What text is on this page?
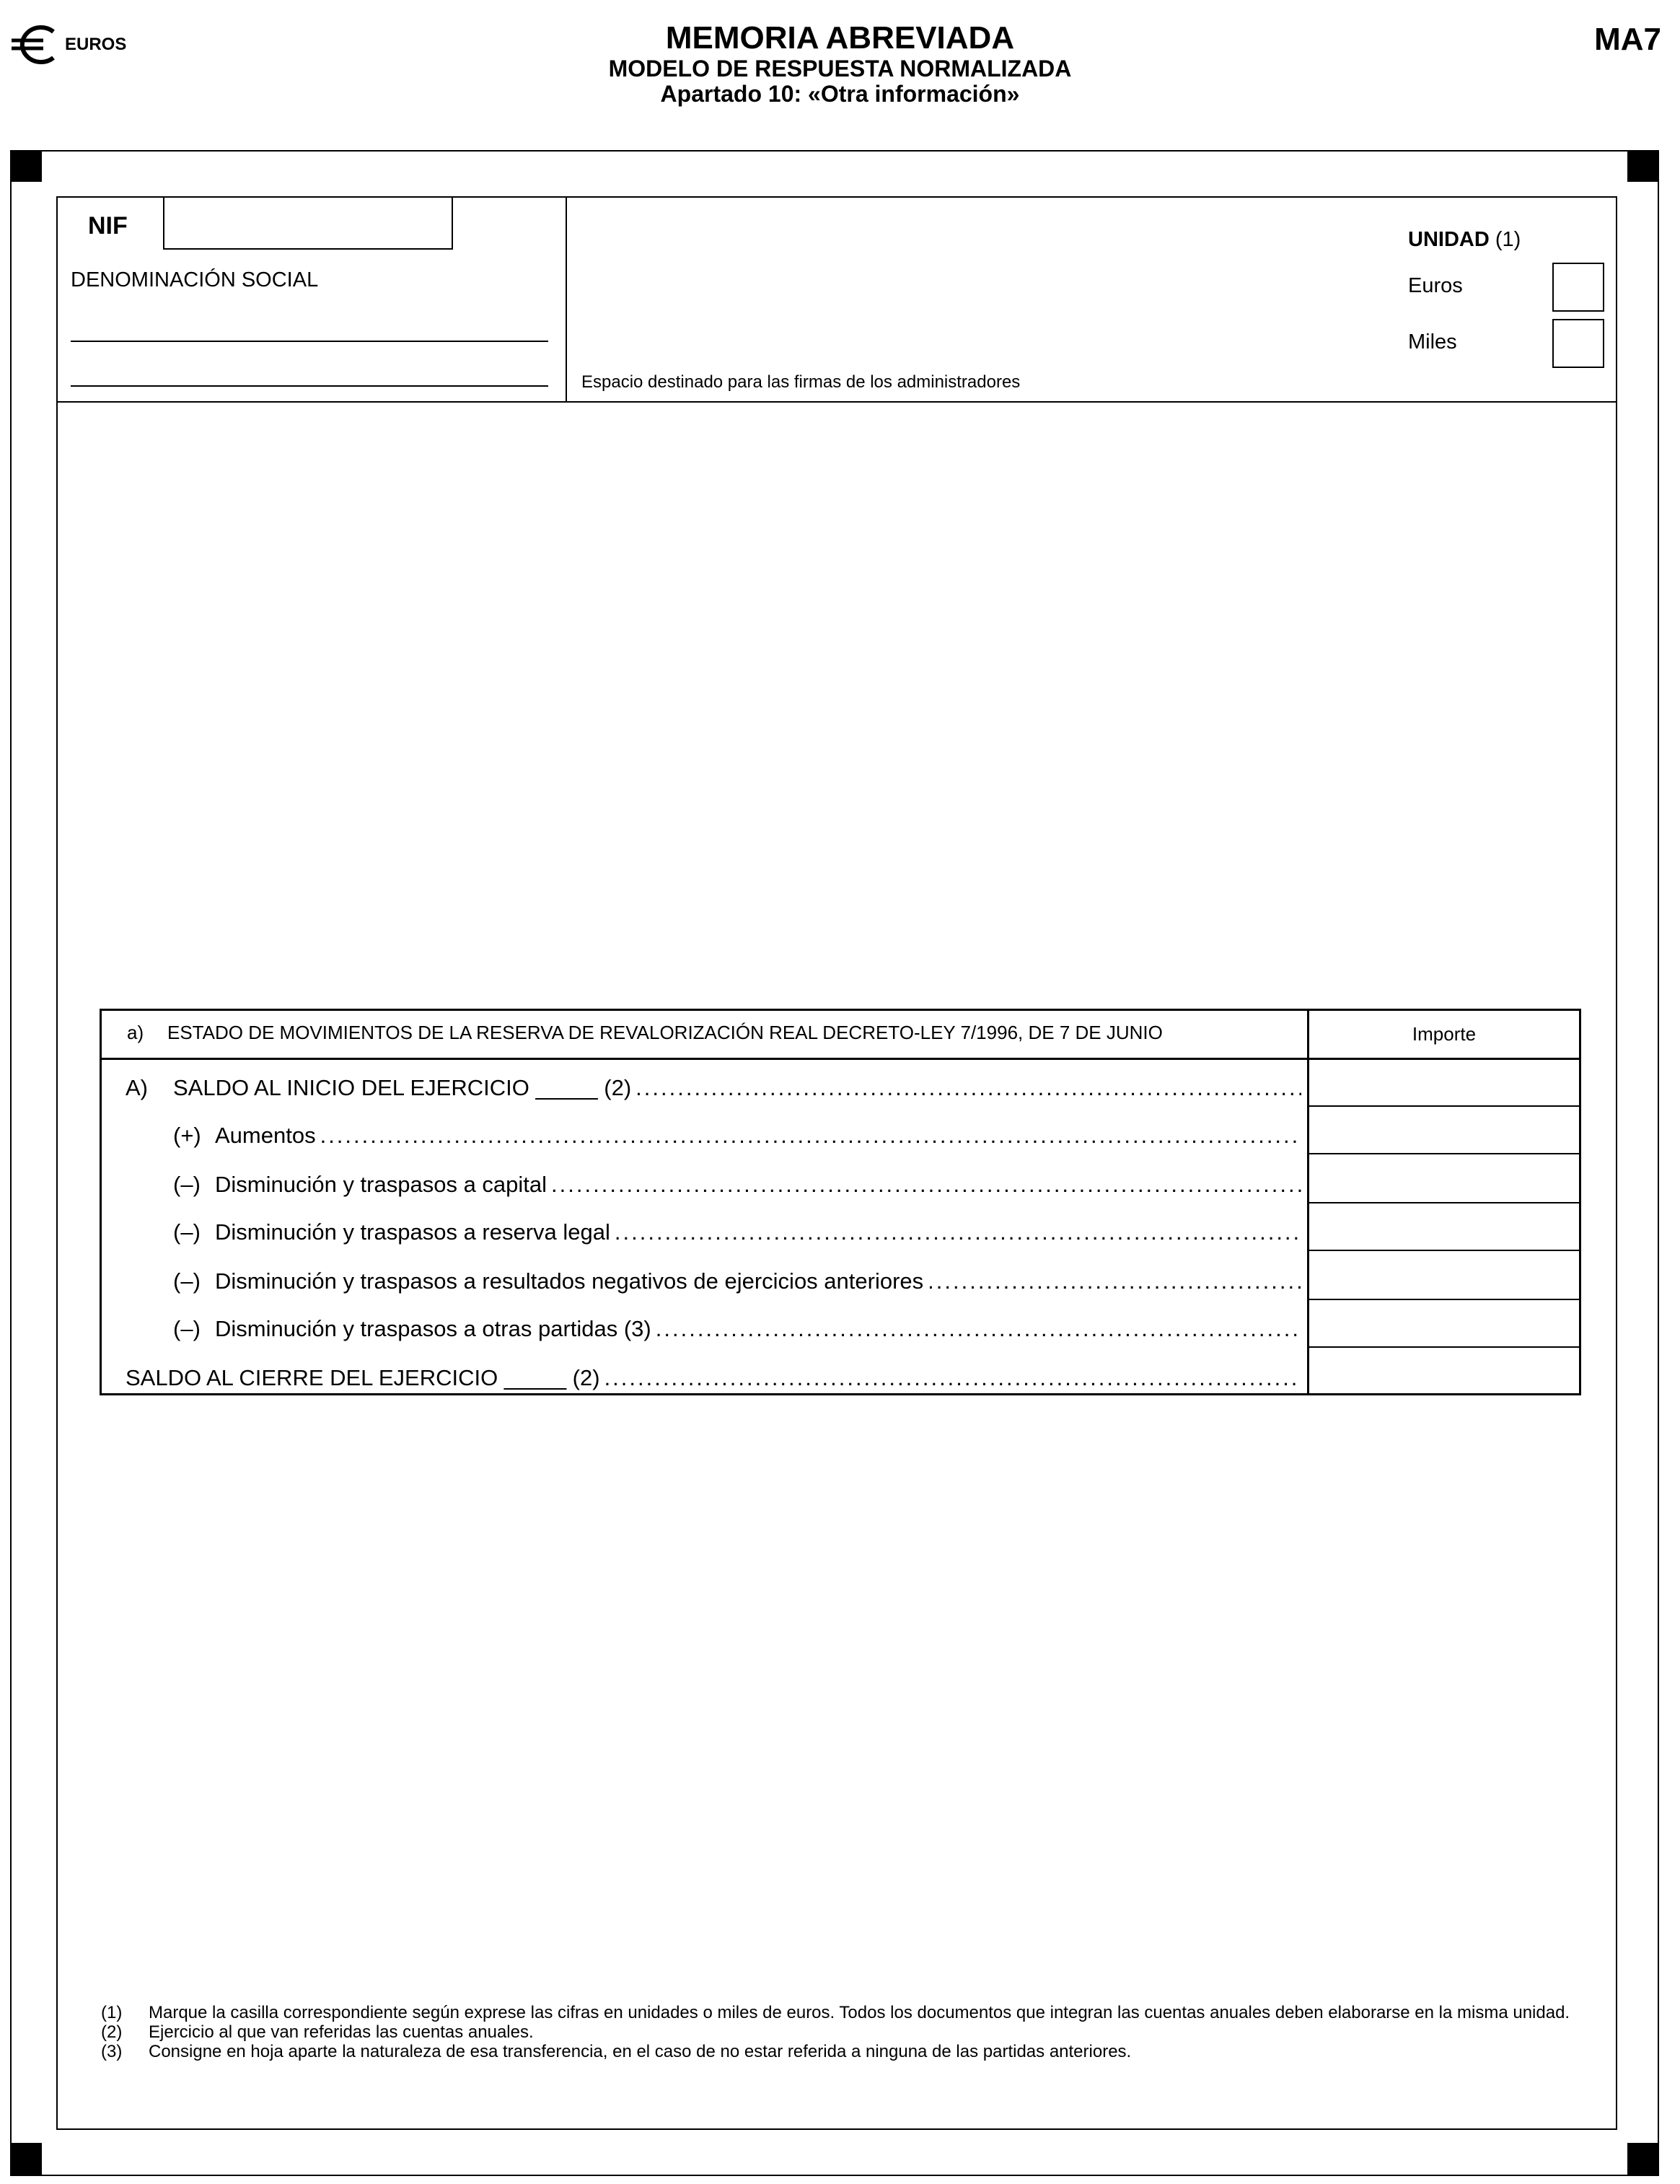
EUROS	MEMORIA ABREVIADA
MODELO DE RESPUESTA NORMALIZADA
Apartado 10: «Otra información»
MA7
NIF
DENOMINACIÓN SOCIAL
Espacio destinado para las firmas de los administradores
UNIDAD (1)
Euros
Miles
a) ESTADO DE MOVIMIENTOS DE LA RESERVA DE REVALORIZACIÓN REAL DECRETO-LEY 7/1996, DE 7 DE JUNIO	Importe
A)	SALDO AL INICIO DEL EJERCICIO _____ (2)
.....
(+) Aumentos
.....
(–) Disminución y traspasos a capital
.....
(–) Disminución y traspasos a reserva legal
.....
(–) Disminución y traspasos a resultados negativos de ejercicios anteriores
.....
(–) Disminución y traspasos a otras partidas (3)
.....
SALDO AL CIERRE DEL EJERCICIO _____ (2)
.....
(1)	Marque la casilla correspondiente según exprese las cifras en unidades o miles de euros. Todos los documentos que integran las cuentas anuales deben elaborarse en la misma unidad.
(2)	Ejercicio al que van referidas las cuentas anuales.
(3)	Consigne en hoja aparte la naturaleza de esa transferencia, en el caso de no estar referida a ninguna de las partidas anteriores.
